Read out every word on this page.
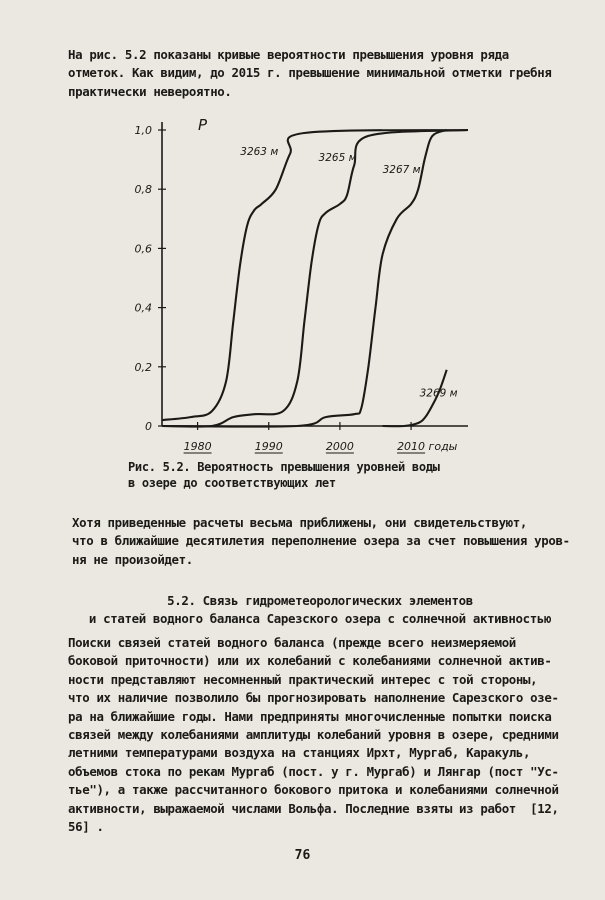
На рис. 5.2 показаны кривые вероятности превышения уровня ряда
отметок. Как видим, до 2015 г. превышение минимальной отметки гребня
практически невероятно.

0
0,2
0,4
0,6
0,8
1,0
1980	1990	2000	2010 годы
3263 м	3265 м
3267 м
3269 м
P

Рис. 5.2. Вероятность превышения уровней воды
в озере до соответствующих лет

Хотя приведенные расчеты весьма приближены, они свидетельствуют,
что в ближайшие десятилетия переполнение озера за счет повышения уров-
ня не произойдет.

5.2. Связь гидрометеорологических элементов

и статей водного баланса Сарезского озера с солнечной активностью

Поиски связей статей водного баланса (прежде всего неизмеряемой
боковой приточности) или их колебаний с колебаниями солнечной актив-
ности представляют несомненный практический интерес с той стороны,
что их наличие позволило бы прогнозировать наполнение Сарезского озе-
ра на ближайшие годы. Нами предприняты многочисленные попытки поиска
связей между колебаниями амплитуды колебаний уровня в озере, средними
летними температурами воздуха на станциях Ирхт, Мургаб, Каракуль,
объемов стока по рекам Мургаб (пост. у г. Мургаб) и Лянгар (пост "Ус-
тье"), а также рассчитанного бокового притока и колебаниями солнечной
активности, выражаемой числами Вольфа. Последние взяты из работ  [12,
56] .

76
